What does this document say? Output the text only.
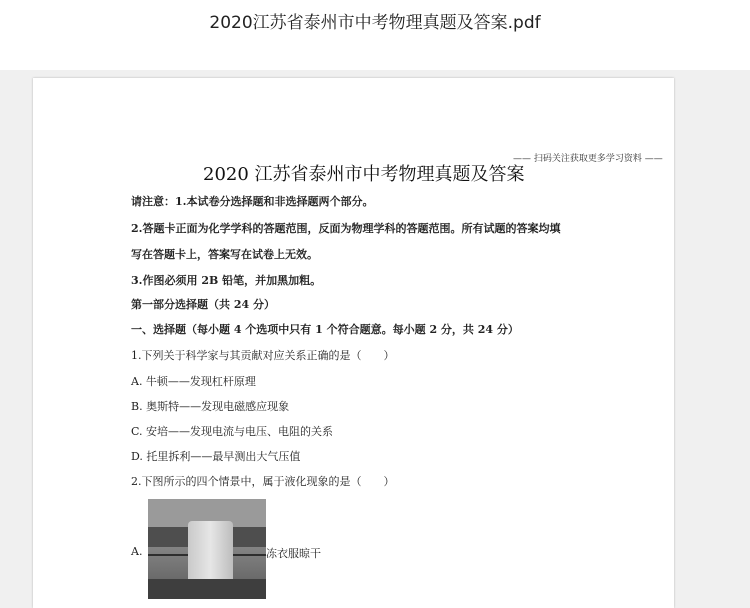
2020江苏省泰州市中考物理真题及答案.pdf
—— 扫码关注获取更多学习资料 ——
2020 江苏省泰州市中考物理真题及答案
请注意：1.本试卷分选择题和非选择题两个部分。
2.答题卡正面为化学学科的答题范围，反面为物理学科的答题范围。所有试题的答案均填
写在答题卡上，答案写在试卷上无效。
3.作图必须用 2B 铅笔，并加黑加粗。
第一部分选择题（共 24 分）
一、选择题（每小题 4 个选项中只有 1 个符合题意。每小题 2 分，共 24 分）
1.下列关于科学家与其贡献对应关系正确的是（　　）
A. 牛顿——发现杠杆原理
B. 奥斯特——发现电磁感应现象
C. 安培——发现电流与电压、电阻的关系
D. 托里拆利——最早测出大气压值
2.下图所示的四个情景中，属于液化现象的是（　　）
A.	冻衣服晾干
